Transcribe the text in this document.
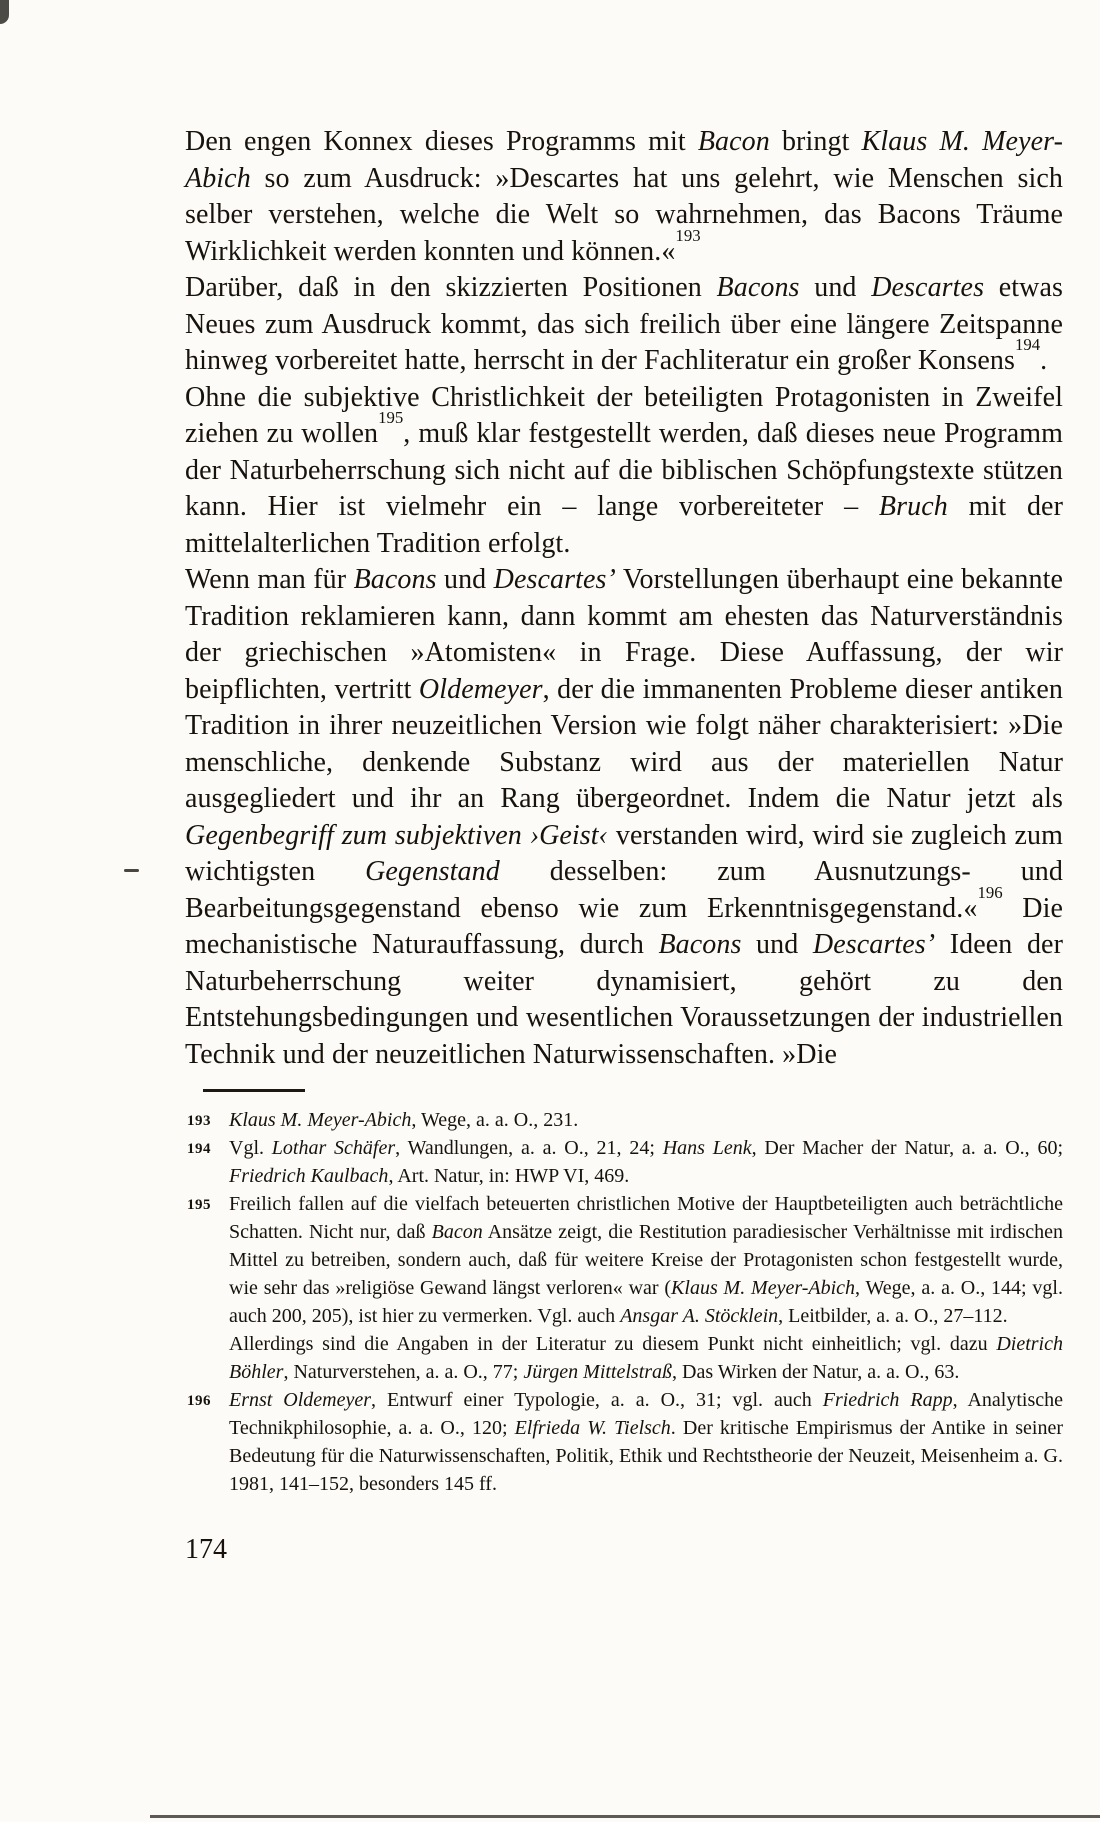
Den engen Konnex dieses Programms mit Bacon bringt Klaus M. Meyer-Abich so zum Ausdruck: »Descartes hat uns gelehrt, wie Menschen sich selber verstehen, welche die Welt so wahrnehmen, das Bacons Träume Wirklichkeit werden konnten und können.«$^{193}$

Darüber, daß in den skizzierten Positionen Bacons und Descartes etwas Neues zum Ausdruck kommt, das sich freilich über eine längere Zeitspanne hinweg vorbereitet hatte, herrscht in der Fachliteratur ein großer Konsens$^{194}$.

Ohne die subjektive Christlichkeit der beteiligten Protagonisten in Zweifel ziehen zu wollen$^{195}$, muß klar festgestellt werden, daß dieses neue Programm der Naturbeherrschung sich nicht auf die biblischen Schöpfungstexte stützen kann. Hier ist vielmehr ein – lange vorbereiteter – Bruch mit der mittelalterlichen Tradition erfolgt.

Wenn man für Bacons und Descartes’ Vorstellungen überhaupt eine bekannte Tradition reklamieren kann, dann kommt am ehesten das Naturverständnis der griechischen »Atomisten« in Frage. Diese Auffassung, der wir beipflichten, vertritt Oldemeyer, der die immanenten Probleme dieser antiken Tradition in ihrer neuzeitlichen Version wie folgt näher charakterisiert: »Die menschliche, denkende Substanz wird aus der materiellen Natur ausgegliedert und ihr an Rang übergeordnet. Indem die Natur jetzt als Gegenbegriff zum subjektiven ›Geist‹ verstanden wird, wird sie zugleich zum wichtigsten Gegenstand desselben: zum Ausnutzungs- und Bearbeitungsgegenstand ebenso wie zum Erkenntnisgegenstand.«$^{196}$ Die mechanistische Naturauffassung, durch Bacons und Descartes’ Ideen der Naturbeherrschung weiter dynamisiert, gehört zu den Entstehungsbedingungen und wesentlichen Voraussetzungen der industriellen Technik und der neuzeitlichen Naturwissenschaften. »Die

193 Klaus M. Meyer-Abich, Wege, a. a. O., 231.

194 Vgl. Lothar Schäfer, Wandlungen, a. a. O., 21, 24; Hans Lenk, Der Macher der Natur, a. a. O., 60; Friedrich Kaulbach, Art. Natur, in: HWP VI, 469.

195 Freilich fallen auf die vielfach beteuerten christlichen Motive der Hauptbeteiligten auch beträchtliche Schatten. Nicht nur, daß Bacon Ansätze zeigt, die Restitution paradiesischer Verhältnisse mit irdischen Mittel zu betreiben, sondern auch, daß für weitere Kreise der Protagonisten schon festgestellt wurde, wie sehr das »religiöse Gewand längst verloren« war (Klaus M. Meyer-Abich, Wege, a. a. O., 144; vgl. auch 200, 205), ist hier zu vermerken. Vgl. auch Ansgar A. Stöcklein, Leitbilder, a. a. O., 27–112.

Allerdings sind die Angaben in der Literatur zu diesem Punkt nicht einheitlich; vgl. dazu Dietrich Böhler, Naturverstehen, a. a. O., 77; Jürgen Mittelstraß, Das Wirken der Natur, a. a. O., 63.

196 Ernst Oldemeyer, Entwurf einer Typologie, a. a. O., 31; vgl. auch Friedrich Rapp, Analytische Technikphilosophie, a. a. O., 120; Elfrieda W. Tielsch. Der kritische Empirismus der Antike in seiner Bedeutung für die Naturwissenschaften, Politik, Ethik und Rechtstheorie der Neuzeit, Meisenheim a. G. 1981, 141–152, besonders 145 ff.

174
